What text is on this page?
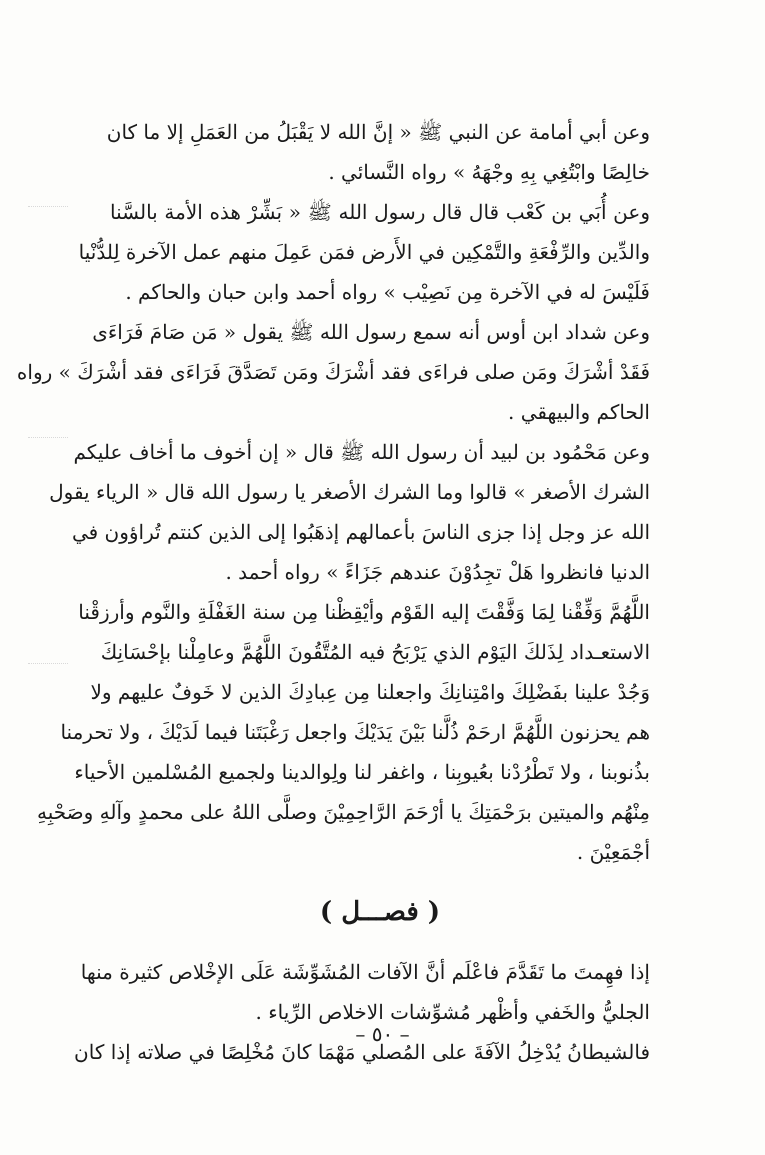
وعن أبي أمامة عن النبي ﷺ « إنَّ الله لا يَقْبَلُ من العَمَلِ إلا ما كان
خالِصًا وابْتُغِي بِهِ وجْهَهُ » رواه النَّسائي .
وعن أُبَي بن كَعْب قال قال رسول الله ﷺ « بَشِّرْ هذه الأمة بالسَّنا
والدِّين والرِّفْعَةِ والتَّمْكِين في الأَرض فمَن عَمِلَ منهم عمل الآخرة لِلدُّنْيا
فَلَيْسَ له في الآخرة مِن نَصِيْب » رواه أحمد وابن حبان والحاكم .
وعن شداد ابن أوس أنه سمع رسول الله ﷺ يقول « مَن صَامَ فَرَاءَى
فَقَدْ أشْرَكَ ومَن صلى فراءَى فقد أشْرَكَ ومَن تَصَدَّقَ فَرَاءَى فقد أشْرَكَ » رواه
الحاكم والبيهقي .
وعن مَحْمُود بن لبيد أن رسول الله ﷺ قال « إن أخوف ما أخاف عليكم
الشرك الأصغر » قالوا وما الشرك الأصغر يا رسول الله قال « الرياء يقول
الله عز وجل إذا جزى الناسَ بأعمالهم إذهَبُوا إلى الذين كنتم تُراؤون في
الدنيا فانظروا هَلْ تجِدُوْنَ عندهم جَزَاءً » رواه أحمد .
اللَّهُمَّ وَفِّقْنا لِمَا وَفَّقْتَ إليه القَوْم وأيْقِظْنا مِن سنة الغَفْلَةِ والنَّوم وأرزقْنا
الاستعـداد لِذَلكَ اليَوْم الذي يَرْبَحُ فيه المُتَّقُونَ اللَّهُمَّ وعامِلْنا بإحْسَانِكَ
وَجُدْ علينا بفَضْلِكَ وامْتِنانِكَ واجعلنا مِن عِبادِكَ الذين لا خَوفٌ عليهم ولا
هم يحزنون اللَّهُمَّ ارحَمْ ذُلَّنا بَيْنَ يَدَيْكَ واجعل رَغْبَتَنا فيما لَدَيْكَ ، ولا تحرمنا
بذُنوبنا ، ولا تَطْرُدْنا بعُيوبِنا ، واغفر لنا ولِوالدينا ولجميع المُسْلمين الأحياء
مِنْهُم والميتين برَحْمَتِكَ يا أرْحَمَ الرَّاحِمِيْنَ وصلَّى اللهُ على محمدٍ وآلهِ وصَحْبِهِ
أجْمَعِيْنَ .
( فصـــل )
إذا فهِمتَ ما تَقَدَّمَ فاعْلَم أنَّ الآفات المُشَوِّشَة عَلَى الإخْلاص كثيرة منها
الجليُّ والخَفي وأظْهر مُشوِّشات الاخلاص الرِّياء .
فالشيطانُ يُدْخِلُ الآفَةَ على المُصلي مَهْمَا كانَ مُخْلِصًا في صلاته إذا كان
– ٥٠ –
